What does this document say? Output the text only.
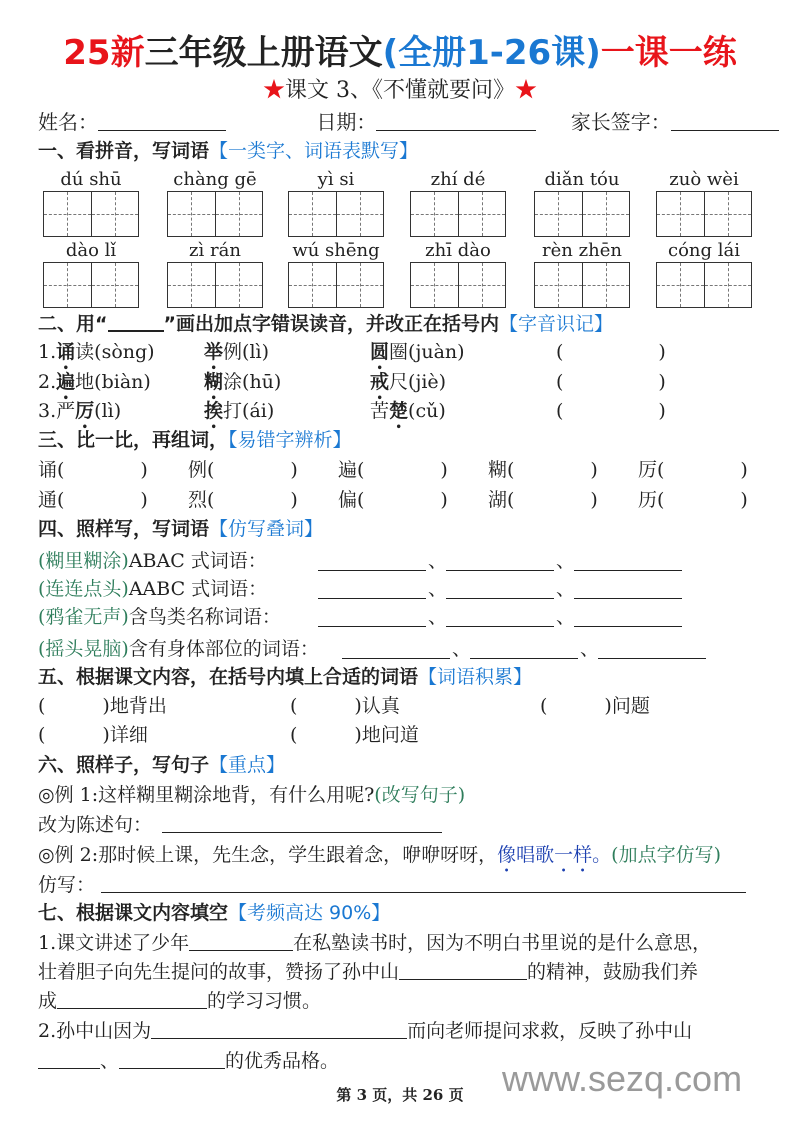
25新三年级上册语文(全册1-26课)一课一练
★课文 3、《不懂就要问》★
姓名：	日期：	家长签字：
一、看拼音，写词语【一类字、词语表默写】
dú shū	chàng gē	yì si	zhí dé	diǎn tóu	zuò wèi
dào lǐ	zì rán	wú shēng	zhī dào	rèn zhēn	cóng lái
二、用“	”画出加点字错误读音，并改正在括号内【字音识记】
1.诵读(sòng)	举例(lì)	圆圈(juàn)	(　　　　　)
2.遍地(biàn)	糊涂(hū)	戒尺(jiè)	(　　　　　)
3.严厉(lì)	挨打(ái)	苦楚(cǔ)	(　　　　　)
三、比一比，再组词，【易错字辨析】
诵(　　　　) 例(　　　　) 遍(　　　　) 糊(　　　　) 厉(　　　　)
通(　　　　) 烈(　　　　) 偏(　　　　) 湖(　　　　) 历(　　　　)
四、照样写，写词语【仿写叠词】
(糊里糊涂)ABAC 式词语：	、	、
(连连点头)AABC 式词语：	、	、
(鸦雀无声)含鸟类名称词语：	、	、
(摇头晃脑)含有身体部位的词语：	、	、
五、根据课文内容，在括号内填上合适的词语【词语积累】
(　　　)地背出	(　　　)认真	(　　　)问题
(　　　)详细	(　　　)地问道
六、照样子，写句子【重点】
◎例 1:这样糊里糊涂地背，有什么用呢?(改写句子)
改为陈述句：
◎例 2:那时候上课，先生念，学生跟着念，咿咿呀呀，像唱歌一样。(加点字仿写)
仿写：
七、根据课文内容填空【考频高达 90%】
1.课文讲述了少年	在私塾读书时，因为不明白书里说的是什么意思，
壮着胆子向先生提问的故事，赞扬了孙中山	的精神，鼓励我们养
成	的学习习惯。
2.孙中山因为	而向老师提问求救，反映了孙中山
、	的优秀品格。
第 3 页，共 26 页	www.sezq.com
